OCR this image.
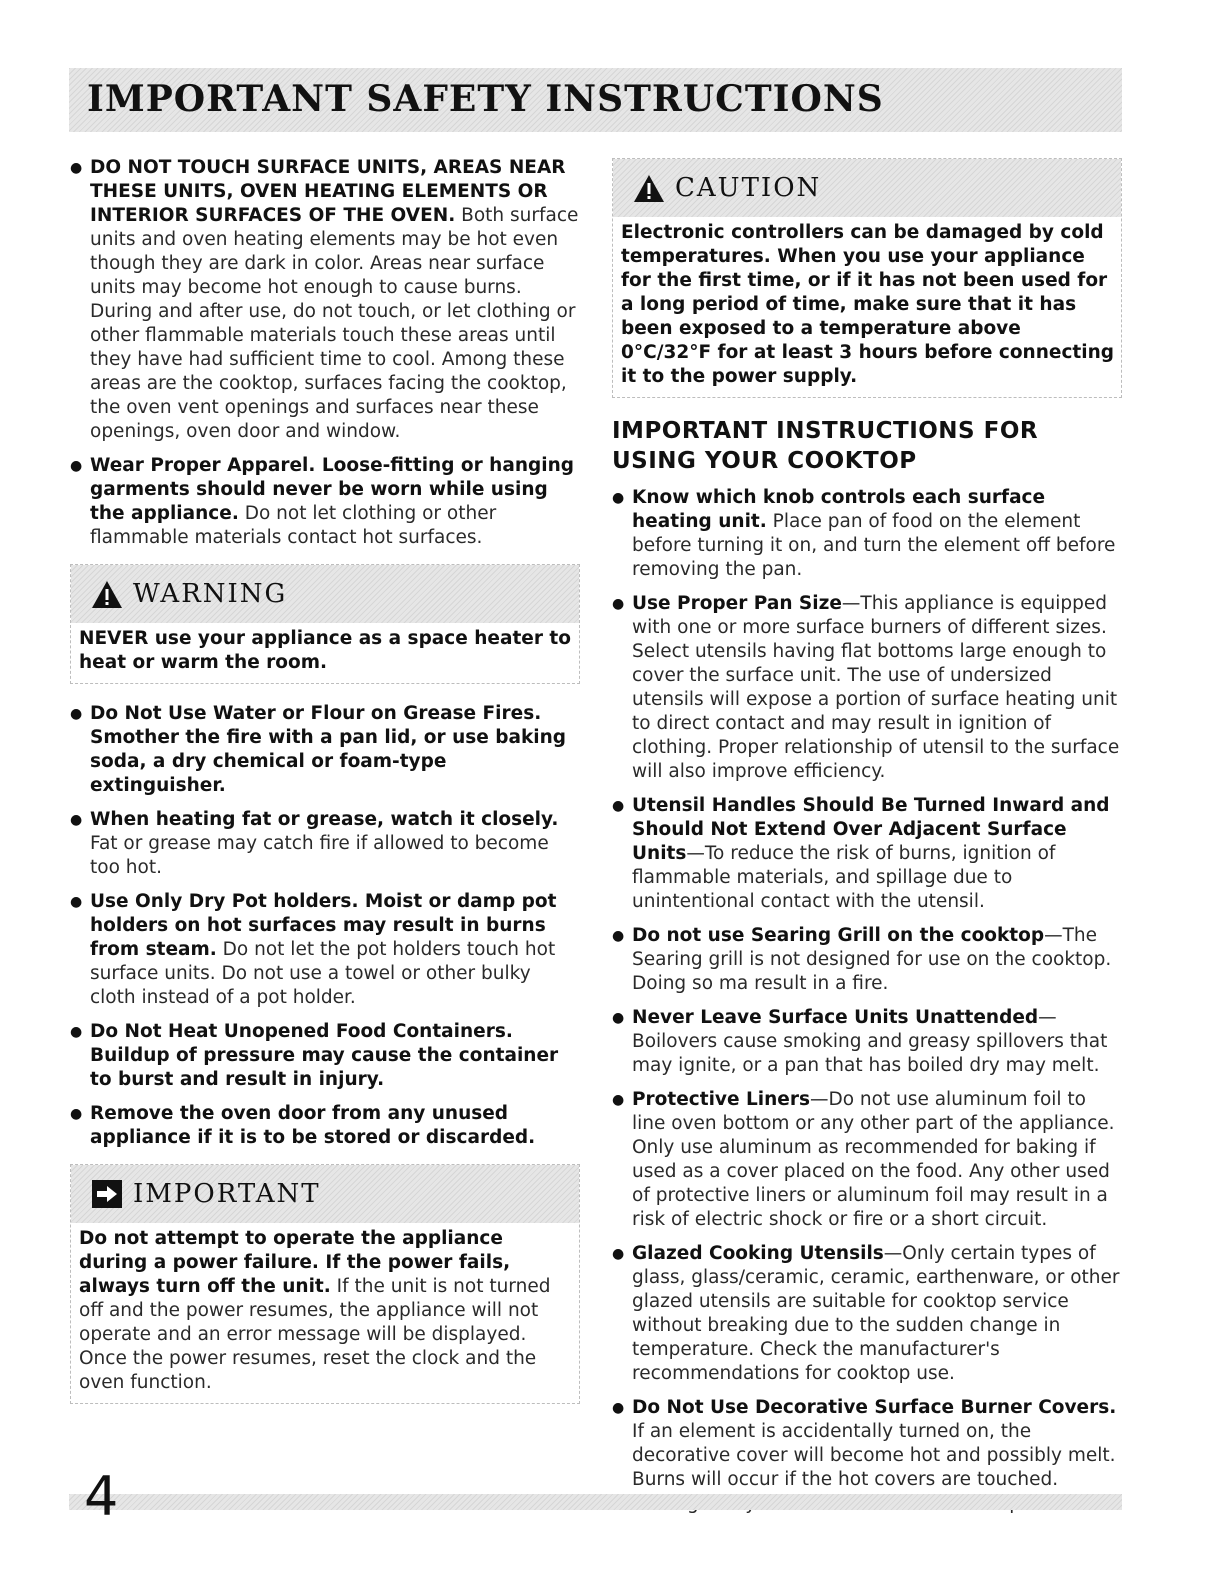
IMPORTANT SAFETY INSTRUCTIONS
● DO NOT TOUCH SURFACE UNITS, AREAS NEAR THESE UNITS, OVEN HEATING ELEMENTS OR INTERIOR SURFACES OF THE OVEN. Both surface units and oven heating elements may be hot even though they are dark in color. Areas near surface units may become hot enough to cause burns. During and after use, do not touch, or let clothing or other flammable materials touch these areas until they have had sufficient time to cool. Among these areas are the cooktop, surfaces facing the cooktop, the oven vent openings and surfaces near these openings, oven door and window.
● Wear Proper Apparel. Loose-fitting or hanging garments should never be worn while using the appliance. Do not let clothing or other flammable materials contact hot surfaces.
WARNING
NEVER use your appliance as a space heater to heat or warm the room.
● Do Not Use Water or Flour on Grease Fires. Smother the fire with a pan lid, or use baking soda, a dry chemical or foam-type extinguisher.
● When heating fat or grease, watch it closely. Fat or grease may catch fire if allowed to become too hot.
● Use Only Dry Pot holders. Moist or damp pot holders on hot surfaces may result in burns from steam. Do not let the pot holders touch hot surface units. Do not use a towel or other bulky cloth instead of a pot holder.
● Do Not Heat Unopened Food Containers. Buildup of pressure may cause the container to burst and result in injury.
● Remove the oven door from any unused appliance if it is to be stored or discarded.
IMPORTANT
Do not attempt to operate the appliance during a power failure. If the power fails, always turn off the unit. If the unit is not turned off and the power resumes, the appliance will not operate and an error message will be displayed. Once the power resumes, reset the clock and the oven function.
CAUTION
Electronic controllers can be damaged by cold temperatures. When you use your appliance for the first time, or if it has not been used for a long period of time, make sure that it has been exposed to a temperature above 0°C/32°F for at least 3 hours before connecting it to the power supply.
IMPORTANT INSTRUCTIONS FOR USING YOUR COOKTOP
● Know which knob controls each surface heating unit. Place pan of food on the element before turning it on, and turn the element off before removing the pan.
● Use Proper Pan Size—This appliance is equipped with one or more surface burners of different sizes. Select utensils having flat bottoms large enough to cover the surface unit. The use of undersized utensils will expose a portion of surface heating unit to direct contact and may result in ignition of clothing. Proper relationship of utensil to the surface will also improve efficiency.
● Utensil Handles Should Be Turned Inward and Should Not Extend Over Adjacent Surface Units—To reduce the risk of burns, ignition of flammable materials, and spillage due to unintentional contact with the utensil.
● Do not use Searing Grill on the cooktop—The Searing grill is not designed for use on the cooktop. Doing so ma result in a fire.
● Never Leave Surface Units Unattended—Boilovers cause smoking and greasy spillovers that may ignite, or a pan that has boiled dry may melt.
● Protective Liners—Do not use aluminum foil to line oven bottom or any other part of the appliance. Only use aluminum as recommended for baking if used as a cover placed on the food. Any other used of protective liners or aluminum foil may result in a risk of electric shock or fire or a short circuit.
● Glazed Cooking Utensils—Only certain types of glass, glass/ceramic, ceramic, earthenware, or other glazed utensils are suitable for cooktop service without breaking due to the sudden change in temperature. Check the manufacturer's recommendations for cooktop use.
● Do Not Use Decorative Surface Burner Covers. If an element is accidentally turned on, the decorative cover will become hot and possibly melt. Burns will occur if the hot covers are touched.
4
